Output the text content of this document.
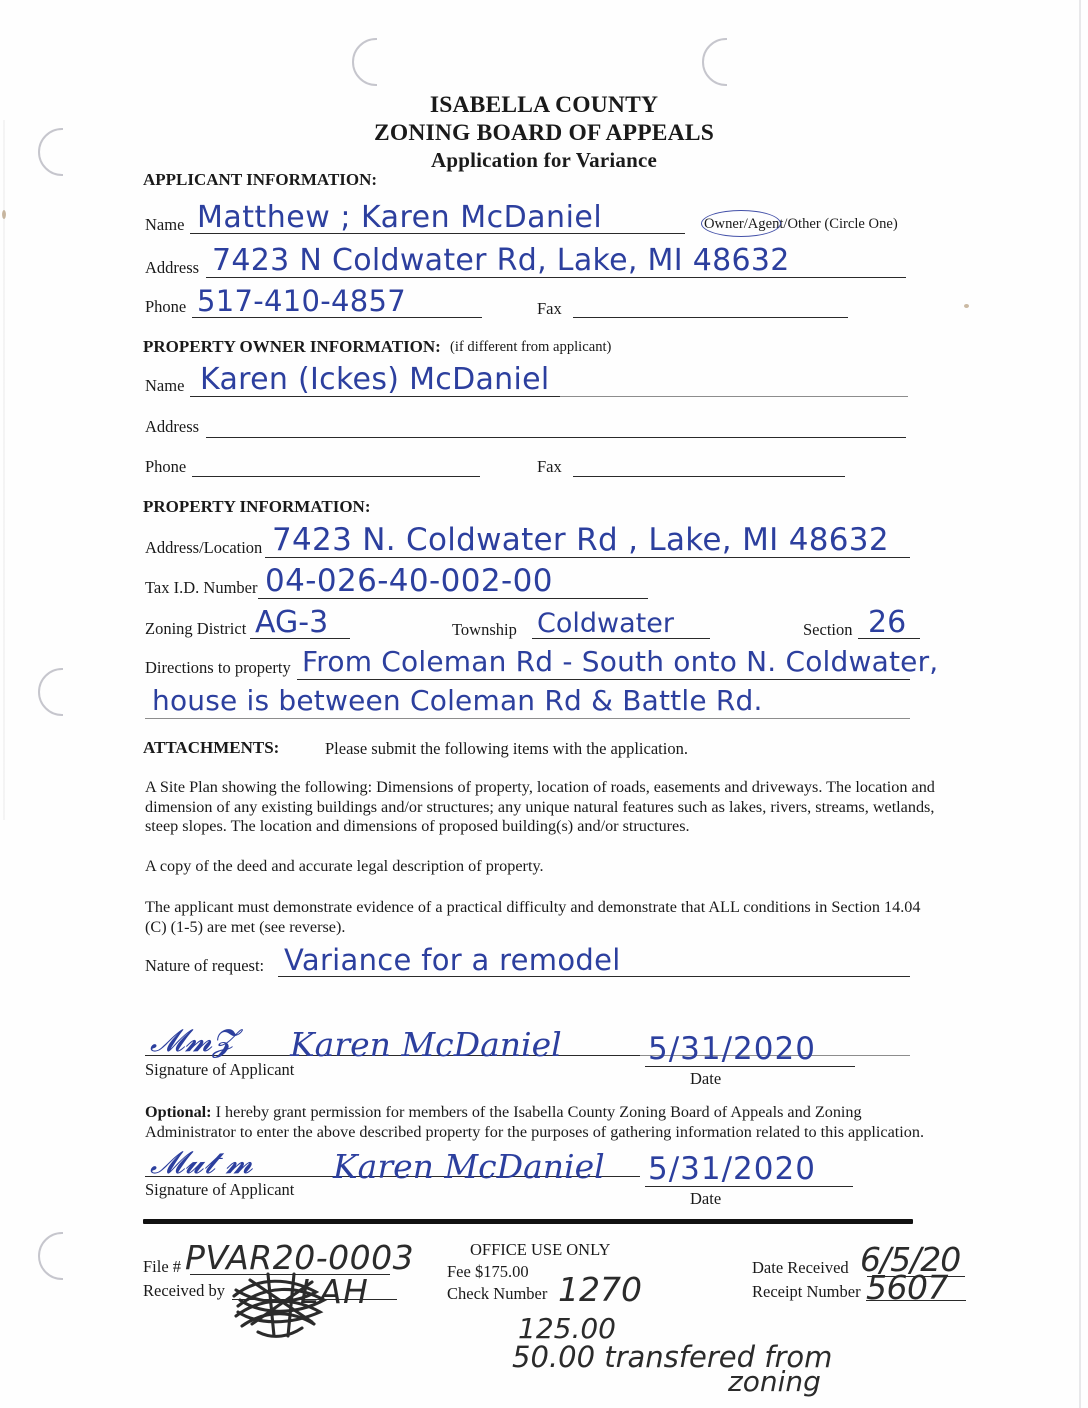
ISABELLA COUNTY
ZONING BOARD OF APPEALS
Application for Variance
APPLICANT INFORMATION:
Name Matthew ; Karen McDaniel	Owner/Agent/Other (Circle One)
Address 7423 N Coldwater Rd, Lake, MI 48632
Phone 517-410-4857	Fax
PROPERTY OWNER INFORMATION: (if different from applicant)
Name Karen (Ickes) McDaniel
Address
Phone	Fax
PROPERTY INFORMATION:
Address/Location 7423 N. Coldwater Rd , Lake, MI 48632
Tax I.D. Number 04-026-40-002-00
Zoning District AG-3	Township Coldwater	Section 26
Directions to property From Coleman Rd - South onto N. Coldwater,
house is between Coleman Rd & Battle Rd.
ATTACHMENTS:	Please submit the following items with the application.
A Site Plan showing the following: Dimensions of property, location of roads, easements and driveways. The location and dimension of any existing buildings and/or structures; any unique natural features such as lakes, rivers, streams, wetlands, steep slopes. The location and dimensions of proposed building(s) and/or structures.
A copy of the deed and accurate legal description of property.
The applicant must demonstrate evidence of a practical difficulty and demonstrate that ALL conditions in Section 14.04 (C) (1-5) are met (see reverse).
Nature of request: Variance for a remodel
𝓜𝓶𝓩 Karen McDaniel
Signature of Applicant
5/31/2020
Date
Optional: I hereby grant permission for members of the Isabella County Zoning Board of Appeals and Zoning Administrator to enter the above described property for the purposes of gathering information related to this application.
𝓜𝓾𝓽 𝓶 Karen McDaniel
Signature of Applicant
5/31/2020
Date
File # PVAR20-0003
Received by LAH
OFFICE USE ONLY
Fee $175.00
Check Number 1270
Date Received 6/5/20
Receipt Number 5607
125.00
50.00 transfered from
zoning
